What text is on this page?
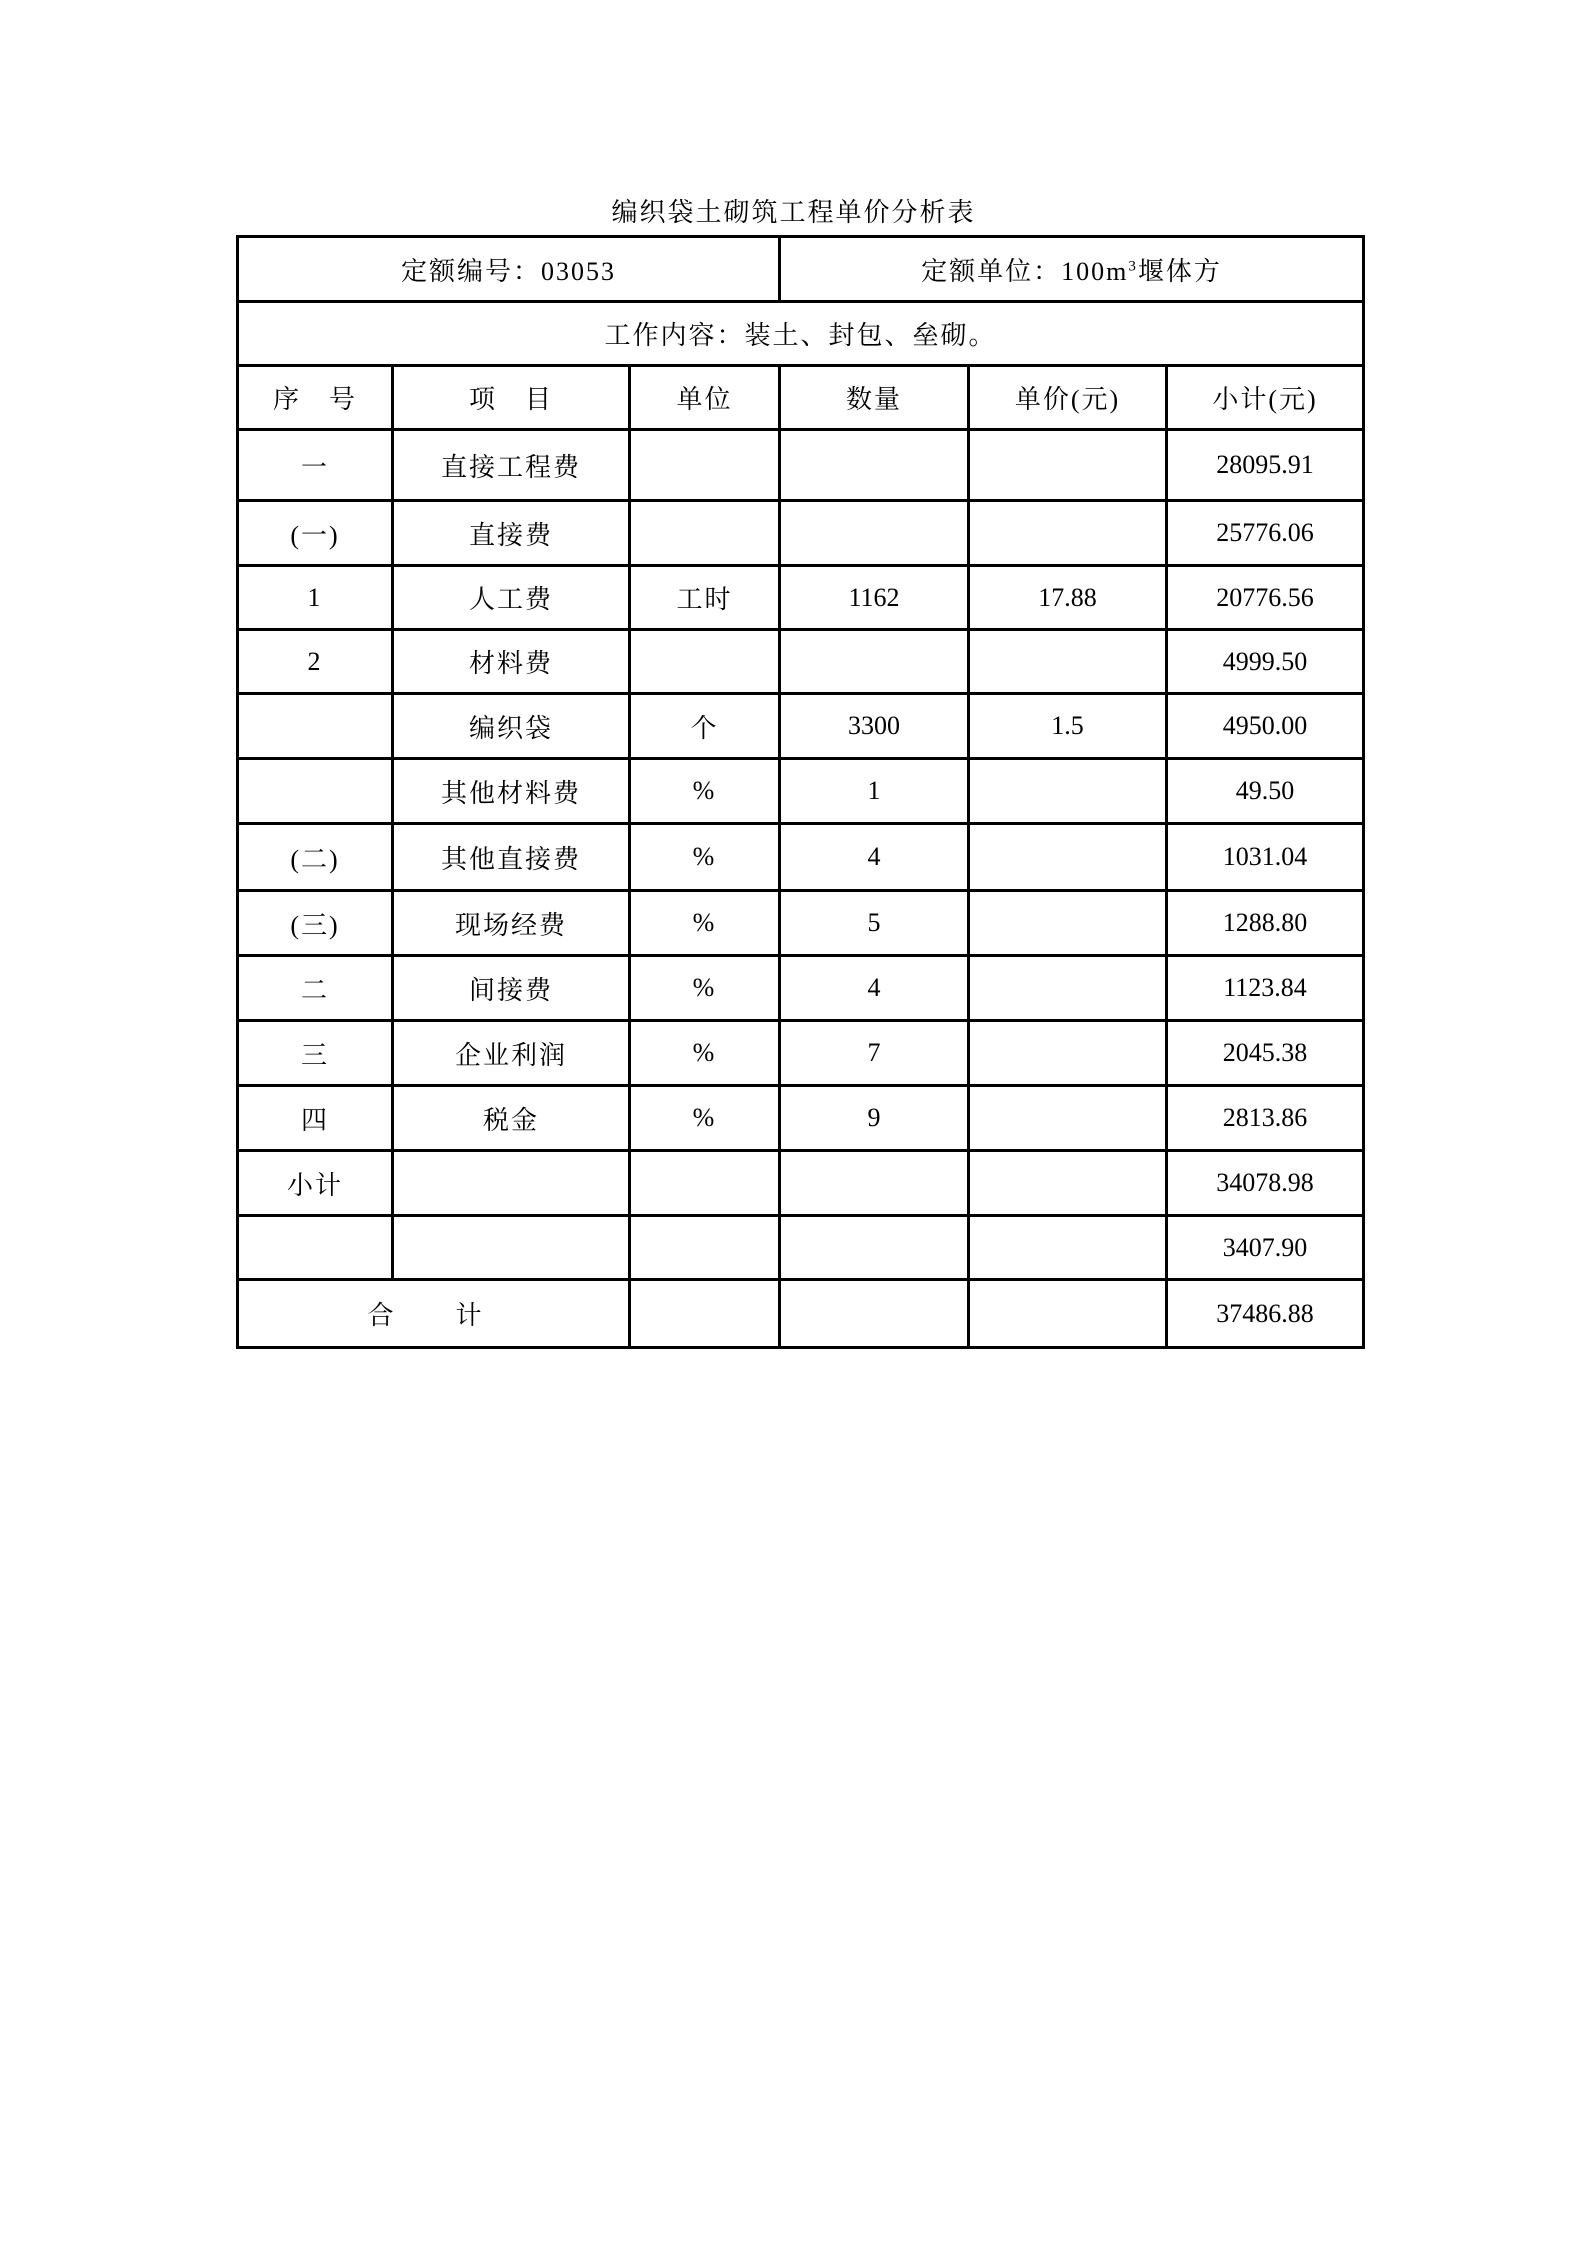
编织袋土砌筑工程单价分析表
定额编号：03053			定额单位：$100m^3$堰体方		
工作内容：装土、封包、垒砌。					
序　号	项　目	单位	数量	单价(元)	小计(元)
一	直接工程费				28095.91
(一)	直接费				25776.06
1	人工费	工时	1162	17.88	20776.56
2	材料费				4999.50
	编织袋	个	3300	1.5	4950.00
	其他材料费	%	1		49.50
(二)	其他直接费	%	4		1031.04
(三)	现场经费	%	5		1288.80
二	间接费	%	4		1123.84
三	企业利润	%	7		2045.38
四	税金	%	9		2813.86
小计					34078.98
					3407.90
合　计					37486.88
